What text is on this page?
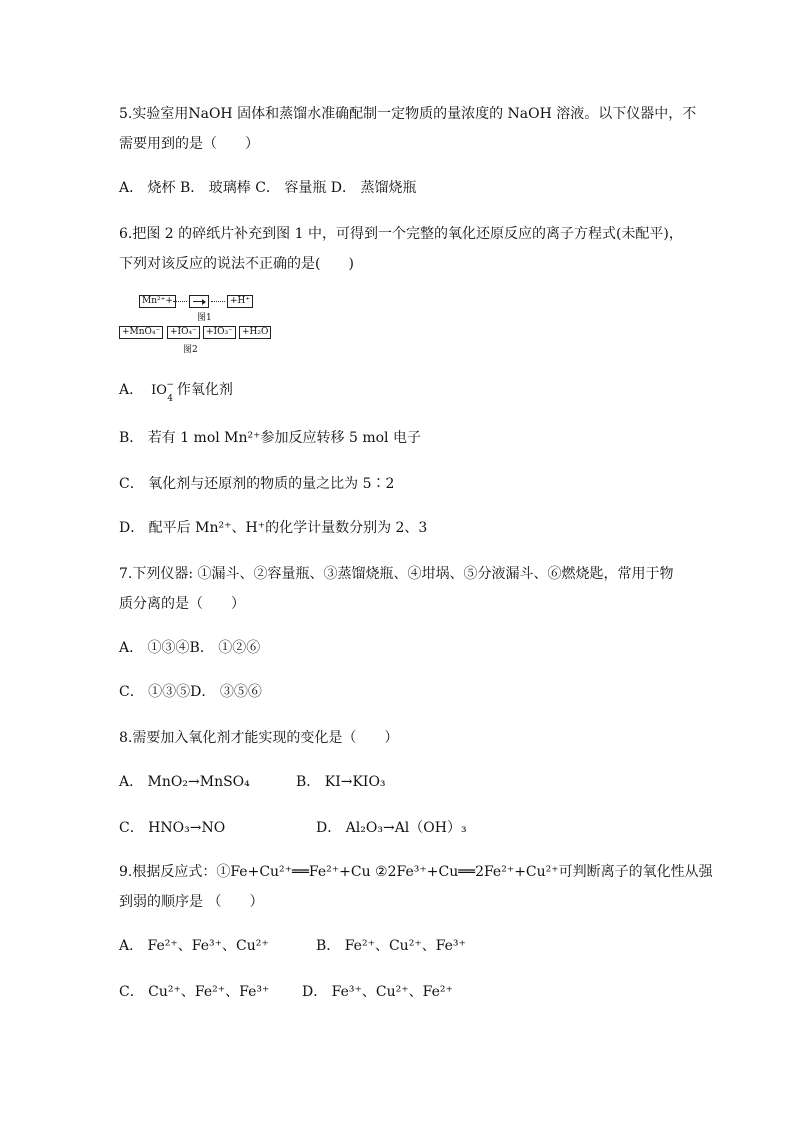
5.实验室用NaOH 固体和蒸馏水准确配制一定物质的量浓度的 NaOH 溶液。以下仪器中，不
需要用到的是（　　）
A． 烧杯 B． 玻璃棒 C． 容量瓶 D． 蒸馏烧瓶
6.把图 2 的碎纸片补充到图 1 中，可得到一个完整的氧化还原反应的离子方程式(未配平)，
下列对该反应的说法不正确的是(　　)
Mn²⁺+	+H⁺
图1
+MnO₄⁻	+IO₄⁻	+IO₃⁻	+H₂O
图2
A． IO −
4
作氧化剂
B． 若有 1 mol Mn²⁺参加反应转移 5 mol 电子
C． 氧化剂与还原剂的物质的量之比为 5∶2
D． 配平后 Mn²⁺、H⁺的化学计量数分别为 2、3
7.下列仪器: ①漏斗、②容量瓶、③蒸馏烧瓶、④坩埚、⑤分液漏斗、⑥燃烧匙，常用于物
质分离的是（　　）
A． ①③④B． ①②⑥
C． ①③⑤D． ③⑤⑥
8.需要加入氧化剂才能实现的变化是（　　）
A． MnO₂→MnSO₄	B． KI→KIO₃
C． HNO₃→NO	D． Al₂O₃→Al（OH）₃
9.根据反应式：①Fe+Cu²⁺══Fe²⁺+Cu ②2Fe³⁺+Cu══2Fe²⁺+Cu²⁺可判断离子的氧化性从强
到弱的顺序是 （　　）
A． Fe²⁺、Fe³⁺、Cu²⁺	B． Fe²⁺、Cu²⁺、Fe³⁺
C． Cu²⁺、Fe²⁺、Fe³⁺ D． Fe³⁺、Cu²⁺、Fe²⁺
